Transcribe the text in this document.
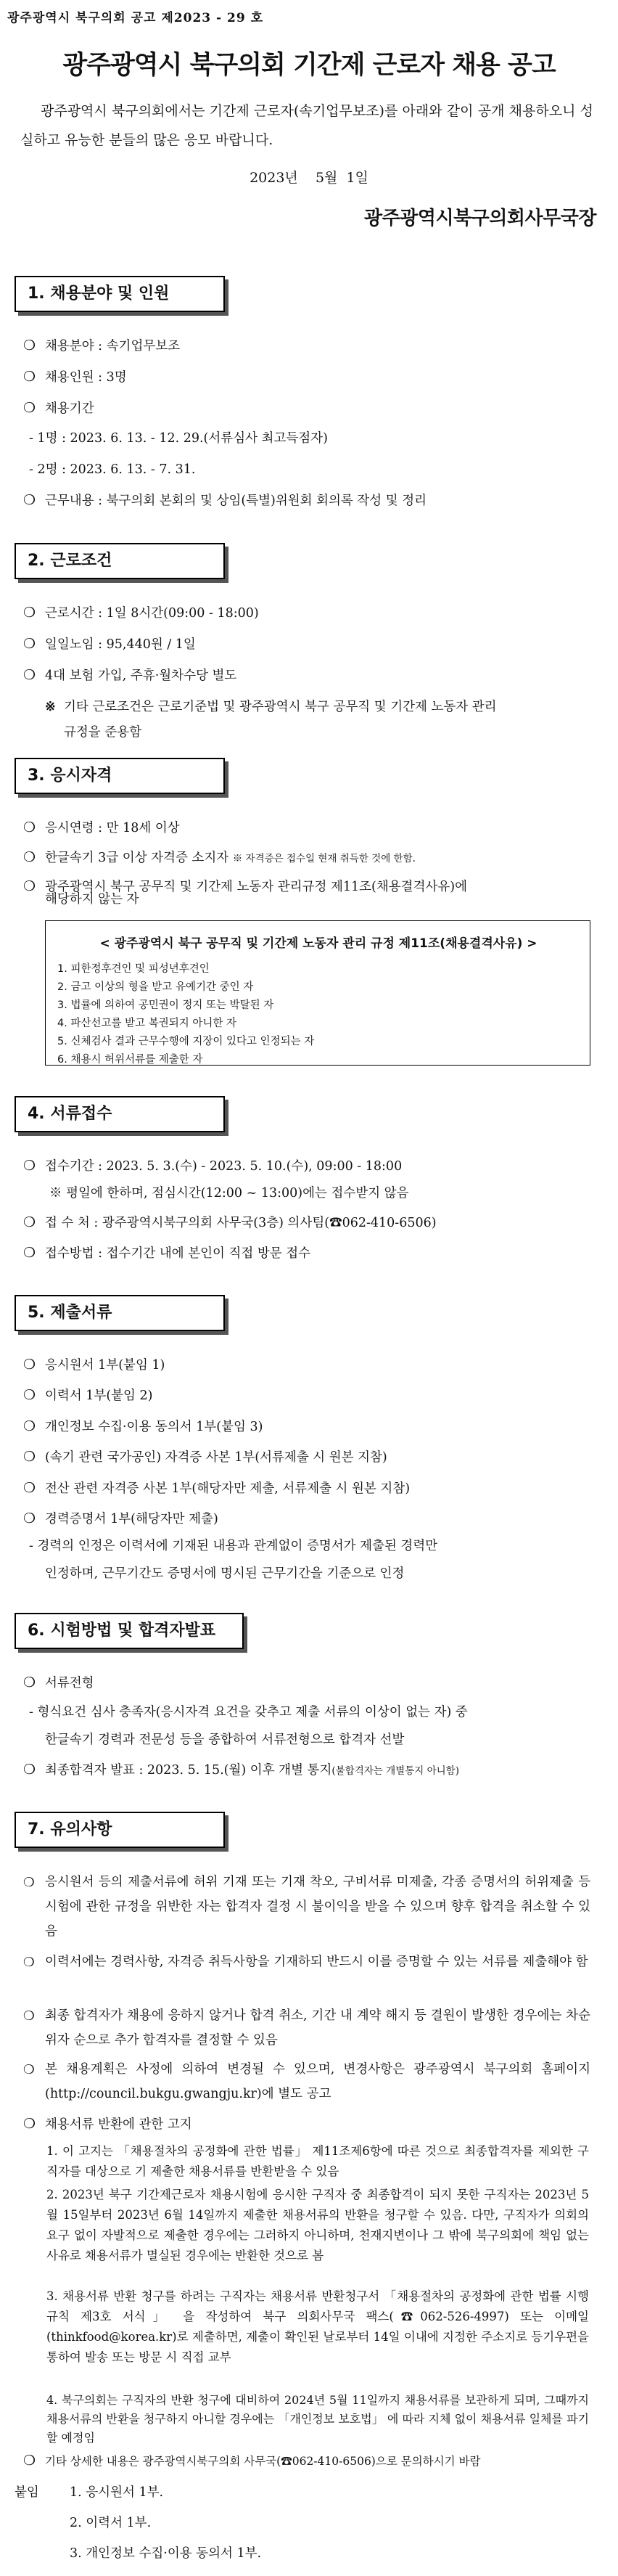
광주광역시 북구의회 공고 제2023 - 29 호
광주광역시 북구의회 기간제 근로자 채용 공고
광주광역시 북구의회에서는 기간제 근로자(속기업무보조)를 아래와 같이 공개 채용하오니 성실하고 유능한 분들의 많은 응모 바랍니다.
2023년    5월  1일
광주광역시북구의회사무국장
1. 채용분야 및 인원
❍ 채용분야 : 속기업무보조
❍ 채용인원 : 3명
❍ 채용기간
- 1명 : 2023. 6. 13. - 12. 29.(서류심사 최고득점자)
- 2명 : 2023. 6. 13. - 7. 31.
❍ 근무내용 : 북구의회 본회의 및 상임(특별)위원회 회의록 작성 및 정리
2. 근로조건
❍ 근로시간 : 1일 8시간(09:00 - 18:00)
❍ 일일노임 : 95,440원 / 1일
❍ 4대 보험 가입, 주휴·월차수당 별도
※ 기타 근로조건은 근로기준법 및 광주광역시 북구 공무직 및 기간제 노동자 관리
규정을 준용함
3. 응시자격
❍ 응시연령 : 만 18세 이상
❍ 한글속기 3급 이상 자격증 소지자 ※ 자격증은 접수일 현재 취득한 것에 한함.
❍ 광주광역시 북구 공무직 및 기간제 노동자 관리규정 제11조(채용결격사유)에
< 광주광역시 북구 공무직 및 기간제 노동자 관리 규정 제11조(채용결격사유) >
1. 피한정후견인 및 피성년후견인
2. 금고 이상의 형을 받고 유예기간 중인 자
3. 법률에 의하여 공민권이 정지 또는 박탈된 자
4. 파산선고를 받고 복권되지 아니한 자
5. 신체검사 결과 근무수행에 지장이 있다고 인정되는 자
6. 채용시 허위서류를 제출한 자
해당하지 않는 자
4. 서류접수
❍ 접수기간 : 2023. 5. 3.(수) - 2023. 5. 10.(수), 09:00 - 18:00
※ 평일에 한하며, 점심시간(12:00 ~ 13:00)에는 접수받지 않음
❍ 접 수 처 : 광주광역시북구의회 사무국(3층) 의사팀(☎062-410-6506)
❍ 접수방법 : 접수기간 내에 본인이 직접 방문 접수
5. 제출서류
❍ 응시원서 1부(붙임 1)
❍ 이력서 1부(붙임 2)
❍ 개인정보 수집·이용 동의서 1부(붙임 3)
❍ (속기 관련 국가공인) 자격증 사본 1부(서류제출 시 원본 지참)
❍ 전산 관련 자격증 사본 1부(해당자만 제출, 서류제출 시 원본 지참)
❍ 경력증명서 1부(해당자만 제출)
- 경력의 인정은 이력서에 기재된 내용과 관계없이 증명서가 제출된 경력만
인정하며, 근무기간도 증명서에 명시된 근무기간을 기준으로 인정
6. 시험방법 및 합격자발표
❍ 서류전형
- 형식요건 심사 충족자(응시자격 요건을 갖추고 제출 서류의 이상이 없는 자) 중
한글속기 경력과 전문성 등을 종합하여 서류전형으로 합격자 선발
❍ 최종합격자 발표 : 2023. 5. 15.(월) 이후 개별 통지(불합격자는 개별통지 아니함)
7. 유의사항
❍ 응시원서 등의 제출서류에 허위 기재 또는 기재 착오, 구비서류 미제출, 각종 증명서의 허위제출 등 시험에 관한 규정을 위반한 자는 합격자 결정 시 불이익을 받을 수 있으며 향후 합격을 취소할 수 있음
❍ 이력서에는 경력사항, 자격증 취득사항을 기재하되 반드시 이를 증명할 수 있는 서류를 제출해야 함
❍ 최종 합격자가 채용에 응하지 않거나 합격 취소, 기간 내 계약 해지 등 결원이 발생한 경우에는 차순위자 순으로 추가 합격자를 결정할 수 있음
❍ 본 채용계획은 사정에 의하여 변경될 수 있으며, 변경사항은 광주광역시 북구의회 홈페이지(http://council.bukgu.gwangju.kr)에 별도 공고
❍ 채용서류 반환에 관한 고지
1. 이 고지는 「채용절차의 공정화에 관한 법률」 제11조제6항에 따른 것으로 최종합격자를 제외한 구직자를 대상으로 기 제출한 채용서류를 반환받을 수 있음
2. 2023년 북구 기간제근로자 채용시험에 응시한 구직자 중 최종합격이 되지 못한 구직자는 2023년 5월 15일부터 2023년 6월 14일까지 제출한 채용서류의 반환을 청구할 수 있음. 다만, 구직자가 의회의 요구 없이 자발적으로 제출한 경우에는 그러하지 아니하며, 천재지변이나 그 밖에 북구의회에 책임 없는 사유로 채용서류가 멸실된 경우에는 반환한 것으로 봄
3. 채용서류 반환 청구를 하려는 구직자는 채용서류 반환청구서 「채용절차의 공정화에 관한 법률 시행규칙 제3호 서식」 을 작성하여 북구 의회사무국 팩스(☎062-526-4997) 또는 이메일(thinkfood@korea.kr)로 제출하면, 제출이 확인된 날로부터 14일 이내에 지정한 주소지로 등기우편을 통하여 발송 또는 방문 시 직접 교부
4. 북구의회는 구직자의 반환 청구에 대비하여 2024년 5월 11일까지 채용서류를 보관하게 되며, 그때까지 채용서류의 반환을 청구하지 아니할 경우에는 「개인정보 보호법」 에 따라 지체 없이 채용서류 일체를 파기할 예정임
❍ 기타 상세한 내용은 광주광역시북구의회 사무국(☎062-410-6506)으로 문의하시기 바람
붙임 1. 응시원서 1부.
2. 이력서 1부.
3. 개인정보 수집·이용 동의서 1부.
